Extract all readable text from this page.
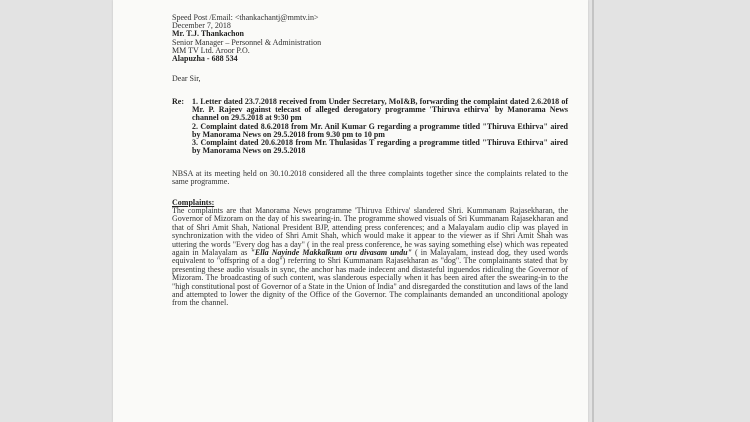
Speed Post /Email: <thankachantj@mmtv.in>

December 7, 2018

Mr. T.J. Thankachon

Senior Manager – Personnel & Administration

MM TV Ltd. Aroor P.O.

Alapuzha - 688 534

Dear Sir,

Re:	1. Letter dated 23.7.2018 received from Under Secretary, MoI&B, forwarding the complaint dated 2.6.2018 of Mr. P. Rajeev against telecast of alleged derogatory programme 'Thiruva ethirva' by Manorama News channel on 29.5.2018 at 9:30 pm

2. Complaint dated 8.6.2018 from Mr. Anil Kumar G regarding a programme titled "Thiruva Ethirva" aired by Manorama News on 29.5.2018 from 9.30 pm to 10 pm

3. Complaint dated 20.6.2018 from Mr. Thulasidas T regarding a programme titled "Thiruva Ethirva" aired by Manorama News on 29.5.2018

NBSA at its meeting held on 30.10.2018 considered all the three complaints together since the complaints related to the same programme.

Complaints:

The complaints are that Manorama News programme 'Thiruva Ethirva' slandered Shri. Kummanam Rajasekharan, the Governor of Mizoram on the day of his swearing-in. The programme showed visuals of Sri Kummanam Rajasekharan and that of Shri Amit Shah, National President BJP, attending press conferences; and a Malayalam audio clip was played in synchronization with the video of Shri Amit Shah, which would make it appear to the viewer as if Shri Amit Shah was uttering the words "Every dog has a day" ( in the real press conference, he was saying something else) which was repeated again in Malayalam as "Ella Nayinde Makkalkum oru divasam undu" ( in Malayalam, instead dog, they used words equivalent to "offspring of a dog") referring to Shri Kummanam Rajasekharan as "dog". The complainants stated that by presenting these audio visuals in sync, the anchor has made indecent and distasteful inguendos ridiculing the Governor of Mizoram. The broadcasting of such content, was slanderous especially when it has been aired after the swearing-in to the "high constitutional post of Governor of a State in the Union of India" and disregarded the constitution and laws of the land and attempted to lower the dignity of the Office of the Governor. The complainants demanded an unconditional apology from the channel.
